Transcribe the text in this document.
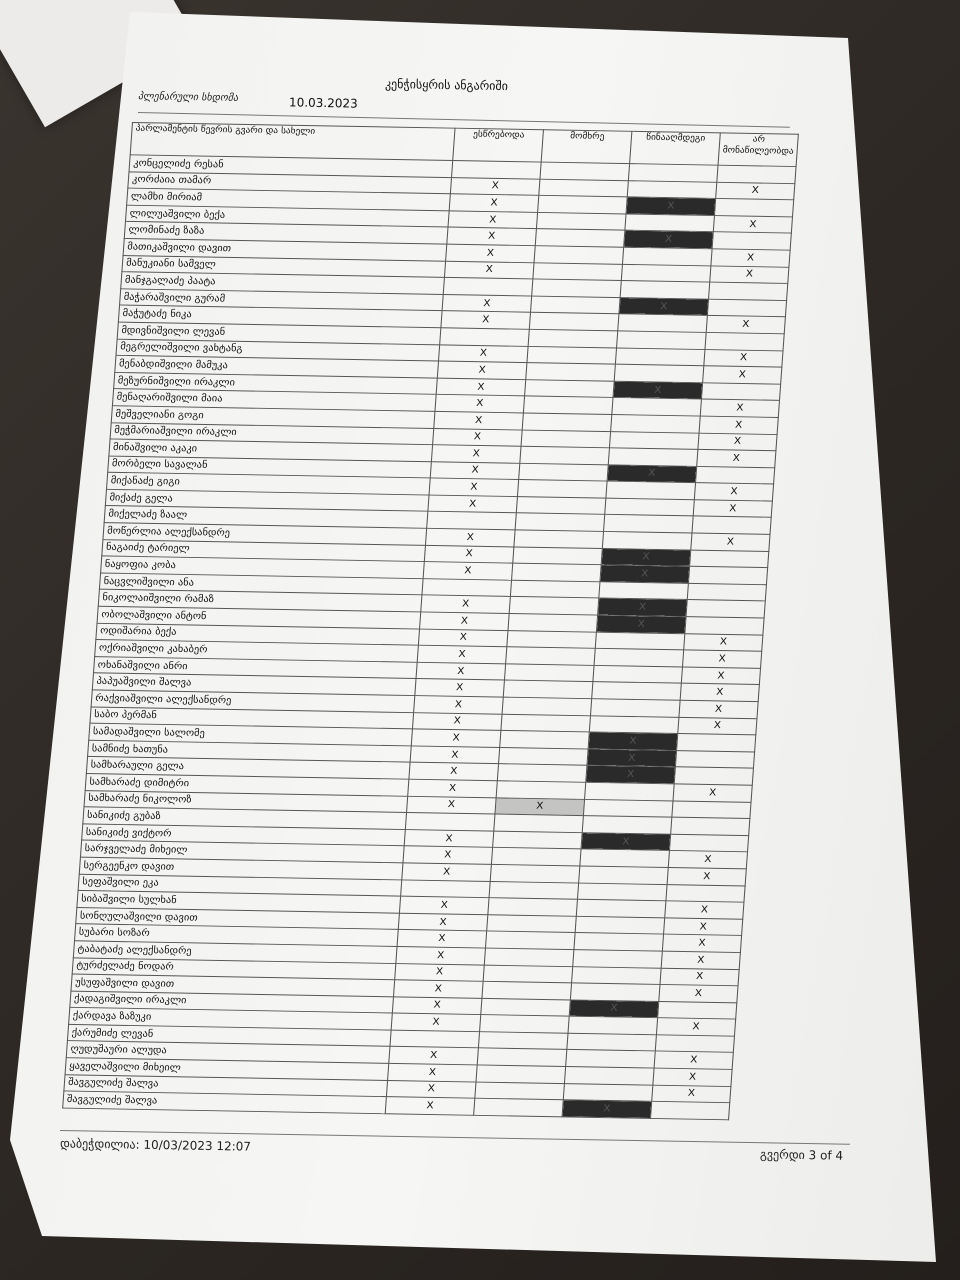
კენჭისყრის ანგარიში
პლენარული სხდომა	10.03.2023
პარლამენტის წევრის გვარი და სახელი	ესწრებოდა	მომხრე	წინააღმდეგი	არ მონაწილეობდა
კონცელიძე რესან				
კორძაია თამარ	X			X
ლამხი მირიამ	X		X	
ლილუაშვილი ბექა	X			X
ლომინაძე ზაზა	X		X	
მათიკაშვილი დავით	X			X
მანუკიანი სამველ	X			X
მანჯგალაძე პაატა				
მაჭარაშვილი გურამ	X		X	
მაჭუტაძე ნიკა	X			X
მდივნიშვილი ლევან				
მეგრელიშვილი ვახტანგ	X			X
მენაბდიშვილი მამუკა	X			X
მეზურნიშვილი ირაკლი	X		X	
მენაღარიშვილი მაია	X			X
მეშველიანი გოგი	X			X
მეჭმარიაშვილი ირაკლი	X			X
მინაშვილი აკაკი	X			X
მორბელი სავალან	X		X	
მიქანაძე გიგი	X			X
მიქაძე გელა	X			X
მიქელაძე ზაალ				
მოწერლია ალექსანდრე	X			X
ნაგაიძე ტარიელ	X		X	
ნაყოფია კობა	X		X	
ნაცვლიშვილი ანა				
ნიკოლაიშვილი რამაზ	X		X	
ობოლაშვილი ანტონ	X		X	
ოდიშარია ბექა	X			X
ოქრიაშვილი კახაბერ	X			X
ოხანაშვილი ანრი	X			X
პაპუაშვილი შალვა	X			X
რაქვიაშვილი ალექსანდრე	X			X
საბო პერმან	X			X
სამადაშვილი სალომე	X		X	
სამნიძე ხათუნა	X		X	
სამხარაული გელა	X		X	
სამხარაძე დიმიტრი	X			X
სამხარაძე ნიკოლოზ	X	X		
სანიკიძე გუბაზ				
სანიკიძე ვიქტორ	X		X	
სარჯველაძე მიხეილ	X			X
სერგეენკო დავით	X			X
სეფაშვილი ეკა				
სიბაშვილი სულხან	X			X
სონღულაშვილი დავით	X			X
სუბარი სოზარ	X			X
ტაბატაძე ალექსანდრე	X			X
ტურძელაძე ნოდარ	X			X
უსუფაშვილი დავით	X			X
ქადაგიშვილი ირაკლი	X		X	
ქარდავა ზაზუკი	X			X
ქარუმიძე ლევან				
ღუდუშაური ალუდა	X			X
ყაველაშვილი მიხეილ	X			X
შავგულიძე შალვა	X			X
შავგულიძე შალვა	X		X	
დაბეჭდილია: 10/03/2023 12:07
გვერდი 3 of 4
